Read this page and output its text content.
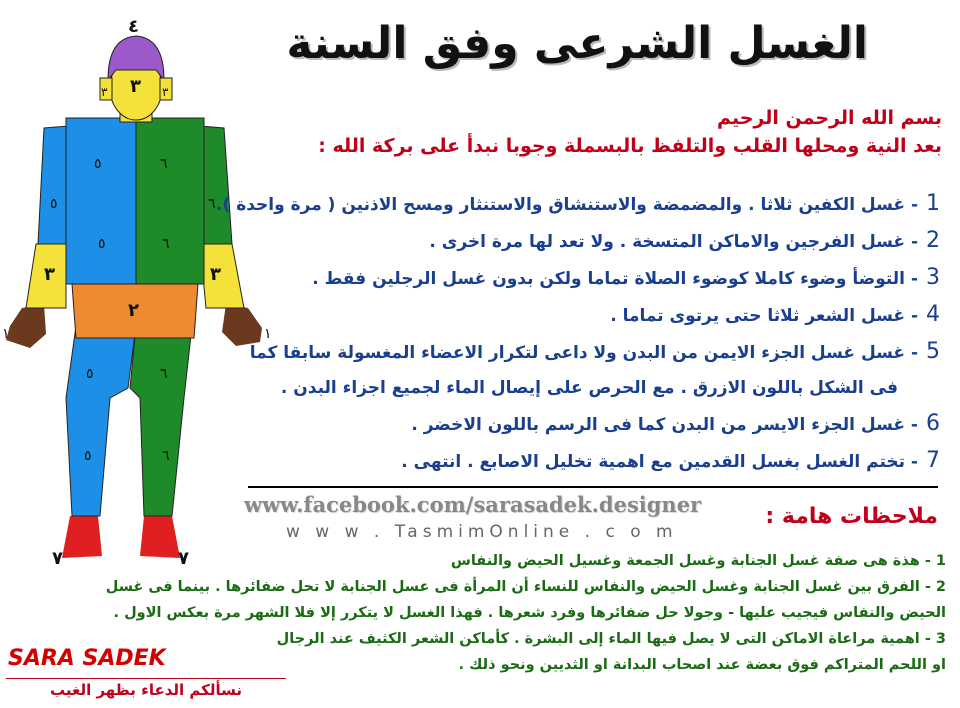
الغسل الشرعى وفق السنة
٤
٣
٣	٣
٣	٣
١	١
٢
٧	٧
٥
٥
٥
٥
٥
٦
٦
٦
٦
٦
بسم الله الرحمن الرحيم
بعد النية ومحلها القلب والتلفظ بالبسملة وجوبا نبدأ على بركة الله :
1- غسل الكفين ثلاثا . والمضمضة والاستنشاق والاستنثار ومسح الاذنين ( مرة واحدة ).
2- غسل الفرجين والاماكن المتسخة . ولا تعد لها مرة اخرى .
3- التوضأ وضوء كاملا كوضوء الصلاة تماما ولكن بدون غسل الرجلين فقط .
4- غسل الشعر ثلاثا حتى يرتوى تماما .
5- غسل غسل الجزء الايمن من البدن ولا داعى لتكرار الاعضاء المغسولة سابقا كما
فى الشكل باللون الازرق . مع الحرص على إيصال الماء لجميع اجزاء البدن .
6- غسل الجزء الايسر من البدن كما فى الرسم باللون الاخضر .
7- تختم الغسل بغسل القدمين مع اهمية تخليل الاصابع . انتهى .
www.facebook.com/sarasadek.designer
w w w . TasmimOnline . c o m
ملاحظات هامة :
1 - هذة هى صفة غسل الجنابة وغسل الجمعة وغسيل الحيض والنفاس
2 - الفرق بين غسل الجنابة وغسل الحيض والنفاس للنساء أن المرأة فى عسل الجنابة لا تحل ضفائرها . بينما فى غسل
الحيض والنفاس فيجيب عليها - وجولا حل ضفائرها وفرد شعرها . فهذا الغسل لا يتكرر إلا فلا الشهر مرة بعكس الاول .
3 - اهمية مراعاة الاماكن التى لا يصل فيها الماء إلى البشرة . كأماكن الشعر الكثيف عند الرجال
او اللحم المتراكم فوق بعضة عند اصحاب البدانة او الثديين ونحو ذلك .
SARA SADEK
نسألكم الدعاء بظهر الغيب
